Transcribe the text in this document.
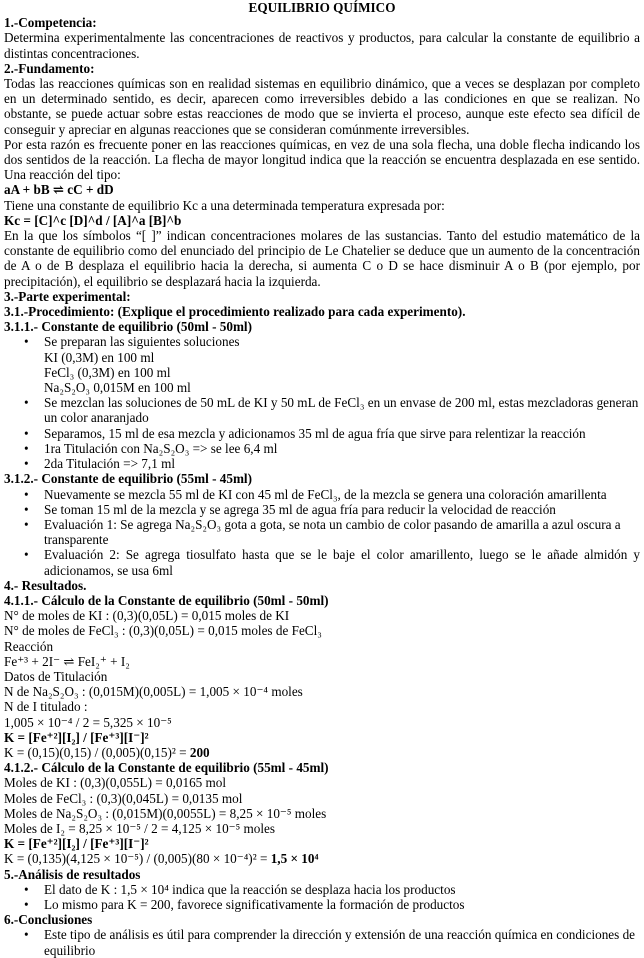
EQUILIBRIO QUÍMICO
1.-Competencia:

Determina experimentalmente las concentraciones de reactivos y productos, para calcular la constante de equilibrio a distintas concentraciones.

2.-Fundamento:

Todas las reacciones químicas son en realidad sistemas en equilibrio dinámico, que a veces se desplazan por completo en un determinado sentido, es decir, aparecen como irreversibles debido a las condiciones en que se realizan. No obstante, se puede actuar sobre estas reacciones de modo que se invierta el proceso, aunque este efecto sea difícil de conseguir y apreciar en algunas reacciones que se consideran comúnmente irreversibles.

Por esta razón es frecuente poner en las reacciones químicas, en vez de una sola flecha, una doble flecha indicando los dos sentidos de la reacción. La flecha de mayor longitud indica que la reacción se encuentra desplazada en ese sentido. Una reacción del tipo:

aA + bB ⇌ cC + dD

Tiene una constante de equilibrio Kc a una determinada temperatura expresada por:

Kc = [C]^c [D]^d / [A]^a [B]^b

En la que los símbolos “[ ]” indican concentraciones molares de las sustancias. Tanto del estudio matemático de la constante de equilibrio como del enunciado del principio de Le Chatelier se deduce que un aumento de la concentración de A o de B desplaza el equilibrio hacia la derecha, si aumenta C o D se hace disminuir A o B (por ejemplo, por precipitación), el equilibrio se desplazará hacia la izquierda.

3.-Parte experimental:
3.1.-Procedimiento: (Explique el procedimiento realizado para cada experimento).
3.1.1.- Constante de equilibrio (50ml - 50ml)
• Se preparan las siguientes soluciones
KI (0,3M) en 100 ml
FeCl₃ (0,3M) en 100 ml
Na₂S₂O₃ 0,015M en 100 ml
• Se mezclan las soluciones de 50 mL de KI y 50 mL de FeCl₃ en un envase de 200 ml, estas mezcladoras generan un color anaranjado
• Separamos, 15 ml de esa mezcla y adicionamos 35 ml de agua fría que sirve para relentizar la reacción
• 1ra Titulación con Na₂S₂O₃ => se lee 6,4 ml
• 2da Titulación => 7,1 ml
3.1.2.- Constante de equilibrio (55ml - 45ml)
• Nuevamente se mezcla 55 ml de KI con 45 ml de FeCl₃, de la mezcla se genera una coloración amarillenta
• Se toman 15 ml de la mezcla y se agrega 35 ml de agua fría para reducir la velocidad de reacción
• Evaluación 1: Se agrega Na₂S₂O₃ gota a gota, se nota un cambio de color pasando de amarilla a azul oscura a transparente
• Evaluación 2: Se agrega tiosulfato hasta que se le baje el color amarillento, luego se le añade almidón y adicionamos, se usa 6ml
4.- Resultados.
4.1.1.- Cálculo de la Constante de equilibrio (50ml - 50ml)
N° de moles de KI : (0,3)(0,05L) = 0,015 moles de KI
N° de moles de FeCl₃ : (0,3)(0,05L) = 0,015 moles de FeCl₃
Reacción
Fe⁺³ + 2I⁻ ⇌ FeI₂⁺ + I₂
Datos de Titulación
N de Na₂S₂O₃ : (0,015M)(0,005L) = 1,005 × 10⁻⁴ moles
N de I titulado :
1,005 × 10⁻⁴ / 2 = 5,325 × 10⁻⁵
K = [Fe⁺²][I₂] / [Fe⁺³][I⁻]²
K = (0,15)(0,15) / (0,005)(0,15)² = 200
4.1.2.- Cálculo de la Constante de equilibrio (55ml - 45ml)
Moles de KI : (0,3)(0,055L) = 0,0165 mol
Moles de FeCl₃ : (0,3)(0,045L) = 0,0135 mol
Moles de Na₂S₂O₃ : (0,015M)(0,0055L) = 8,25 × 10⁻⁵ moles
Moles de I₂ = 8,25 × 10⁻⁵ / 2 = 4,125 × 10⁻⁵ moles
K = [Fe⁺²][I₂] / [Fe⁺³][I⁻]²
K = (0,135)(4,125 × 10⁻⁵) / (0,005)(80 × 10⁻⁴)² = 1,5 × 10⁴
5.-Análisis de resultados
• El dato de K : 1,5 × 10⁴ indica que la reacción se desplaza hacia los productos
• Lo mismo para K = 200, favorece significativamente la formación de productos
6.-Conclusiones
• Este tipo de análisis es útil para comprender la dirección y extensión de una reacción química en condiciones de equilibrio
